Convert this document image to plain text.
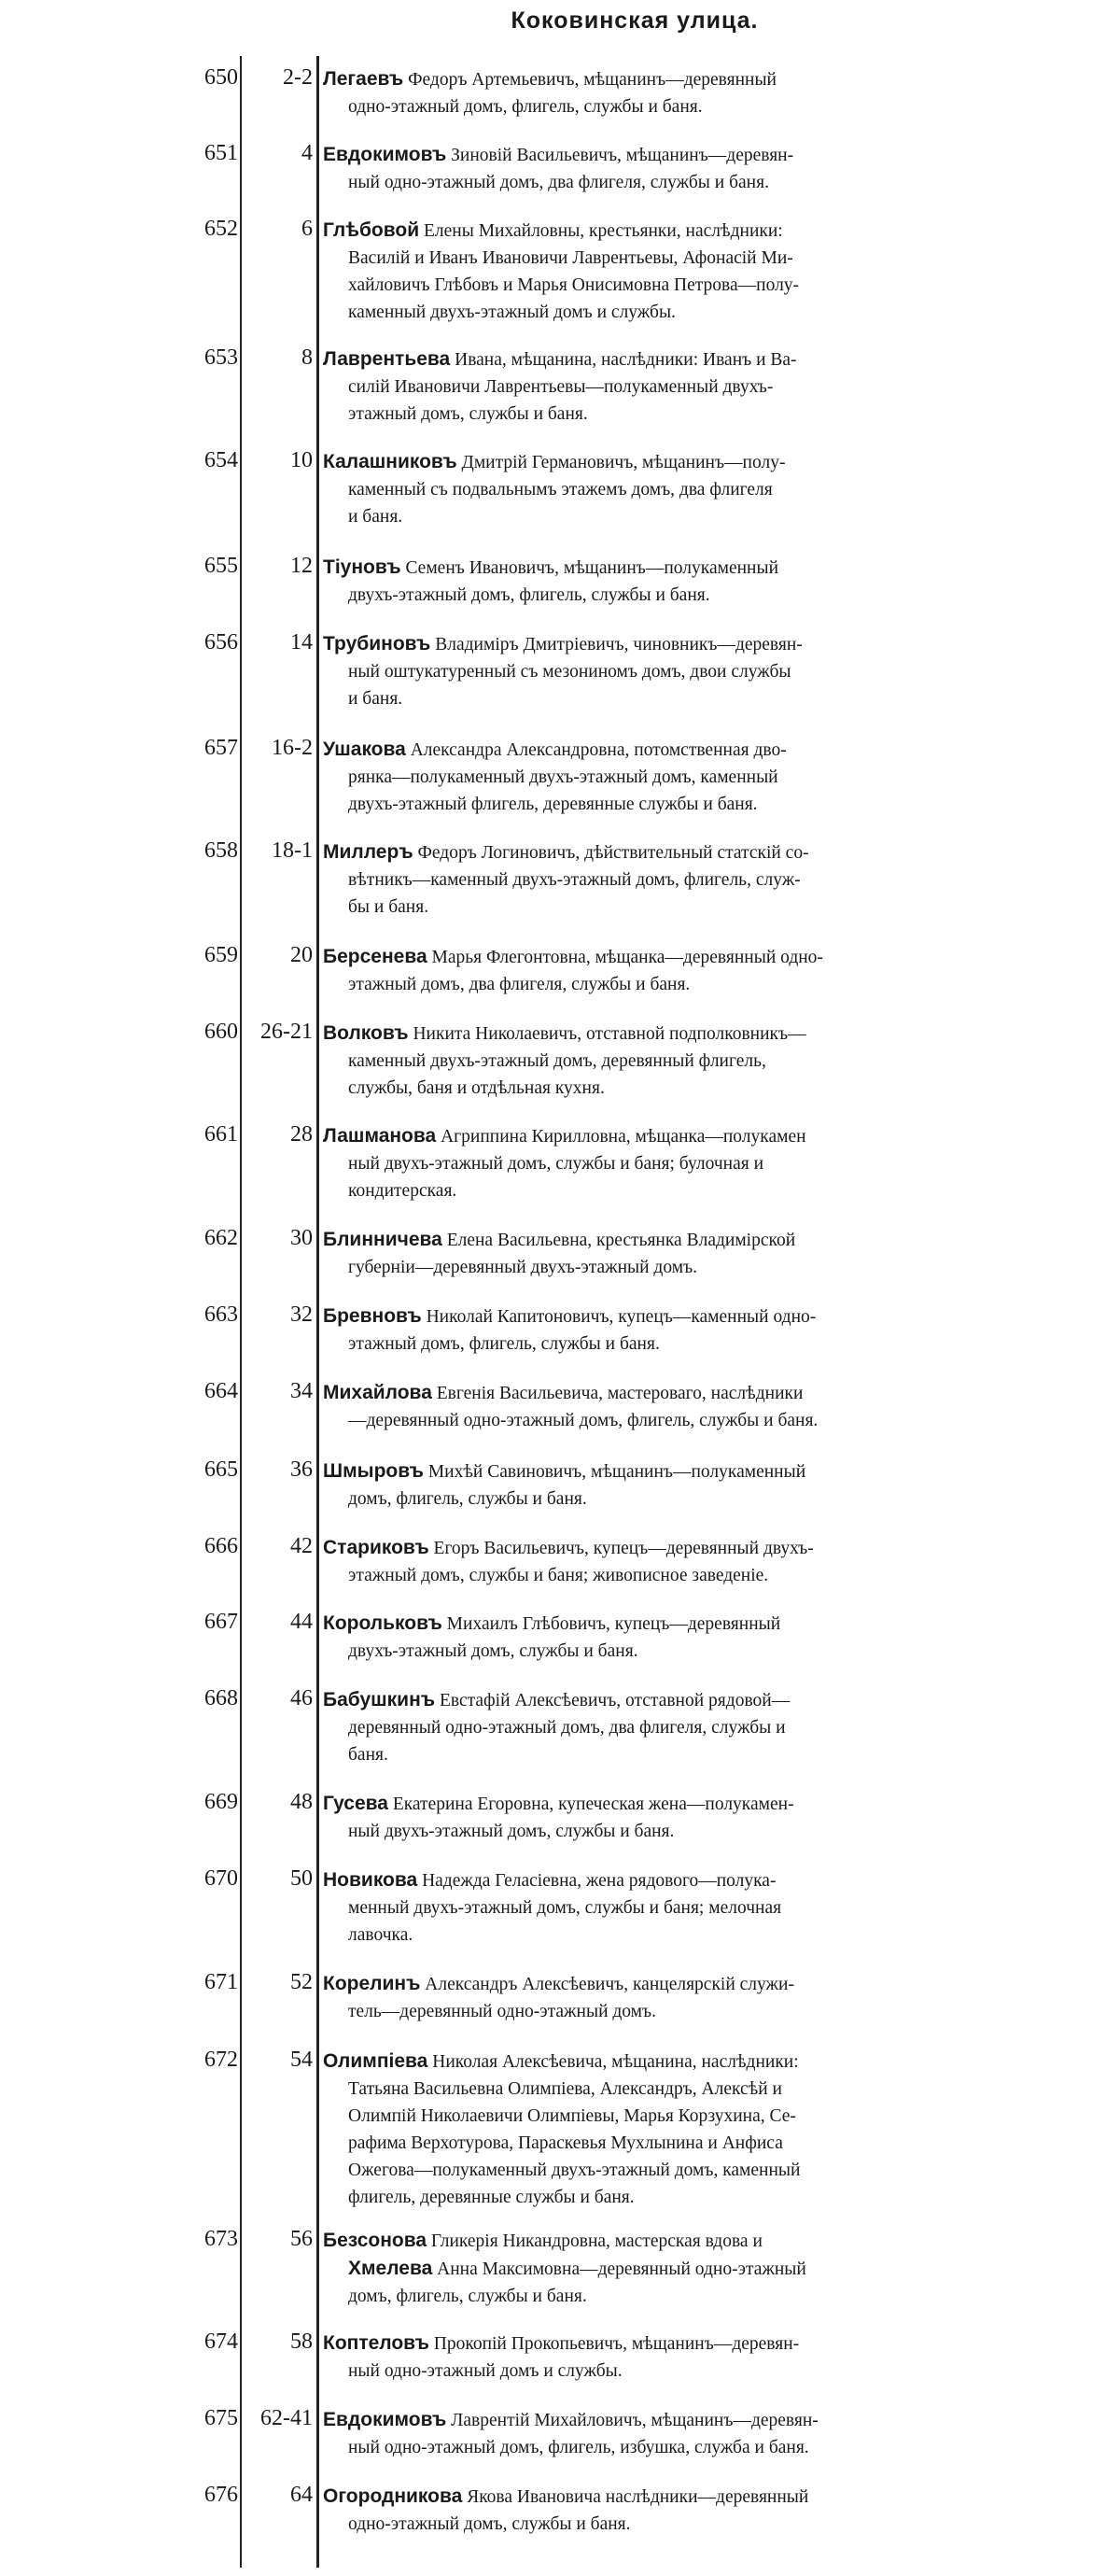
Коковинская улица.
650	2-2 Легаевъ Федоръ Артемьевичъ, мѣщанинъ—деревянный
одно-этажный домъ, флигель, службы и баня.
651	4 Евдокимовъ Зиновій Васильевичъ, мѣщанинъ—деревян-
ный одно-этажный домъ, два флигеля, службы и баня.
652	6 Глѣбовой Елены Михайловны, крестьянки, наслѣдники:
Василій и Иванъ Ивановичи Лаврентьевы, Афонасій Ми-
хайловичъ Глѣбовъ и Марья Онисимовна Петрова—полу-
каменный двухъ-этажный домъ и службы.
653	8 Лаврентьева Ивана, мѣщанина, наслѣдники: Иванъ и Ва-
силій Ивановичи Лаврентьевы—полукаменный двухъ-
этажный домъ, службы и баня.
654	10 Калашниковъ Дмитрій Германовичъ, мѣщанинъ—полу-
каменный съ подвальнымъ этажемъ домъ, два флигеля
и баня.
655	12 Тіуновъ Семенъ Ивановичъ, мѣщанинъ—полукаменный
двухъ-этажный домъ, флигель, службы и баня.
656	14 Трубиновъ Владиміръ Дмитріевичъ, чиновникъ—деревян-
ный оштукатуренный съ мезониномъ домъ, двои службы
и баня.
657	16-2 Ушакова Александра Александровна, потомственная дво-
рянка—полукаменный двухъ-этажный домъ, каменный
двухъ-этажный флигель, деревянные службы и баня.
658	18-1 Миллеръ Федоръ Логиновичъ, дѣйствительный статскій со-
вѣтникъ—каменный двухъ-этажный домъ, флигель, служ-
бы и баня.
659	20 Берсенева Марья Флегонтовна, мѣщанка—деревянный одно-
этажный домъ, два флигеля, службы и баня.
660	26-21 Волковъ Никита Николаевичъ, отставной подполковникъ—
каменный двухъ-этажный домъ, деревянный флигель,
службы, баня и отдѣльная кухня.
661	28 Лашманова Агриппина Кирилловна, мѣщанка—полукамен
ный двухъ-этажный домъ, службы и баня; булочная и
кондитерская.
662	30 Блинничева Елена Васильевна, крестьянка Владимірской
губерніи—деревянный двухъ-этажный домъ.
663	32 Бревновъ Николай Капитоновичъ, купецъ—каменный одно-
этажный домъ, флигель, службы и баня.
664	34 Михайлова Евгенія Васильевича, мастероваго, наслѣдники
—деревянный одно-этажный домъ, флигель, службы и баня.
665	36 Шмыровъ Михѣй Савиновичъ, мѣщанинъ—полукаменный
домъ, флигель, службы и баня.
666	42 Стариковъ Егоръ Васильевичъ, купецъ—деревянный двухъ-
этажный домъ, службы и баня; живописное заведеніе.
667	44 Корольковъ Михаилъ Глѣбовичъ, купецъ—деревянный
двухъ-этажный домъ, службы и баня.
668	46 Бабушкинъ Евстафій Алексѣевичъ, отставной рядовой—
деревянный одно-этажный домъ, два флигеля, службы и
баня.
669	48 Гусева Екатерина Егоровна, купеческая жена—полукамен-
ный двухъ-этажный домъ, службы и баня.
670	50 Новикова Надежда Геласіевна, жена рядового—полука-
менный двухъ-этажный домъ, службы и баня; мелочная
лавочка.
671	52 Корелинъ Александръ Алексѣевичъ, канцелярскій служи-
тель—деревянный одно-этажный домъ.
672	54 Олимпіева Николая Алексѣевича, мѣщанина, наслѣдники:
Татьяна Васильевна Олимпіева, Александръ, Алексѣй и
Олимпій Николаевичи Олимпіевы, Марья Корзухина, Се-
рафима Верхотурова, Параскевья Мухлынина и Анфиса
Ожегова—полукаменный двухъ-этажный домъ, каменный
флигель, деревянные службы и баня.
673	56 Безсонова Гликерія Никандровна, мастерская вдова и
Хмелева Анна Максимовна—деревянный одно-этажный
домъ, флигель, службы и баня.
674	58 Коптеловъ Прокопій Прокопьевичъ, мѣщанинъ—деревян-
ный одно-этажный домъ и службы.
675	62-41 Евдокимовъ Лаврентій Михайловичъ, мѣщанинъ—деревян-
ный одно-этажный домъ, флигель, избушка, служба и баня.
676	64 Огородникова Якова Ивановича наслѣдники—деревянный
одно-этажный домъ, службы и баня.
